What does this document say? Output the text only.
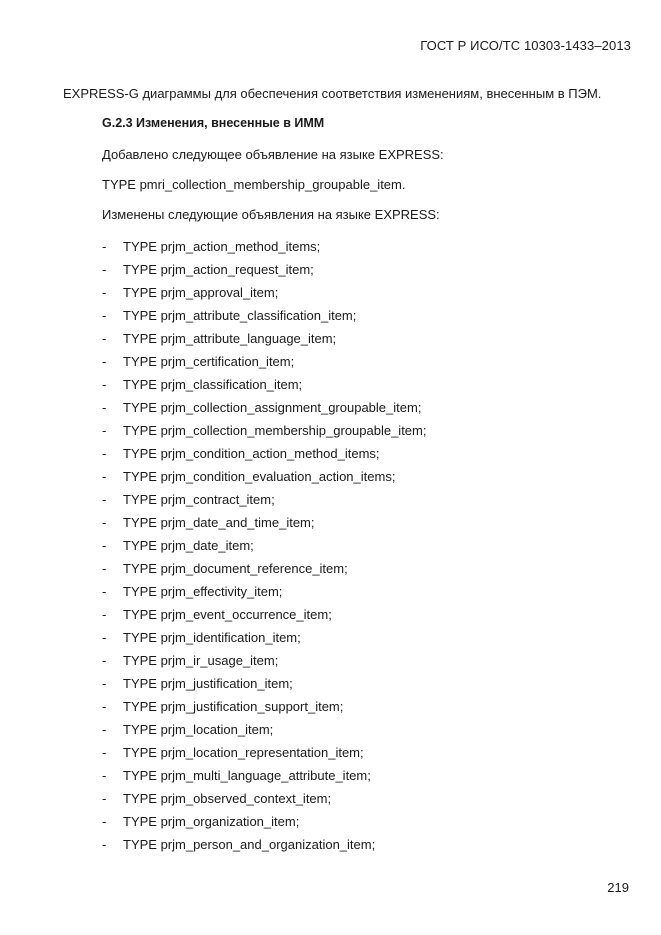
ГОСТ Р ИСО/ТС 10303-1433–2013
EXPRESS-G диаграммы для обеспечения соответствия изменениям, внесенным в ПЭМ.
G.2.3 Изменения, внесенные в ИММ
Добавлено следующее объявление на языке EXPRESS:
TYPE pmri_collection_membership_groupable_item.
Изменены следующие объявления на языке EXPRESS:
-	TYPE prjm_action_method_items;
-	TYPE prjm_action_request_item;
-	TYPE prjm_approval_item;
-	TYPE prjm_attribute_classification_item;
-	TYPE prjm_attribute_language_item;
-	TYPE prjm_certification_item;
-	TYPE prjm_classification_item;
-	TYPE prjm_collection_assignment_groupable_item;
-	TYPE prjm_collection_membership_groupable_item;
-	TYPE prjm_condition_action_method_items;
-	TYPE prjm_condition_evaluation_action_items;
-	TYPE prjm_contract_item;
-	TYPE prjm_date_and_time_item;
-	TYPE prjm_date_item;
-	TYPE prjm_document_reference_item;
-	TYPE prjm_effectivity_item;
-	TYPE prjm_event_occurrence_item;
-	TYPE prjm_identification_item;
-	TYPE prjm_ir_usage_item;
-	TYPE prjm_justification_item;
-	TYPE prjm_justification_support_item;
-	TYPE prjm_location_item;
-	TYPE prjm_location_representation_item;
-	TYPE prjm_multi_language_attribute_item;
-	TYPE prjm_observed_context_item;
-	TYPE prjm_organization_item;
-	TYPE prjm_person_and_organization_item;
219
